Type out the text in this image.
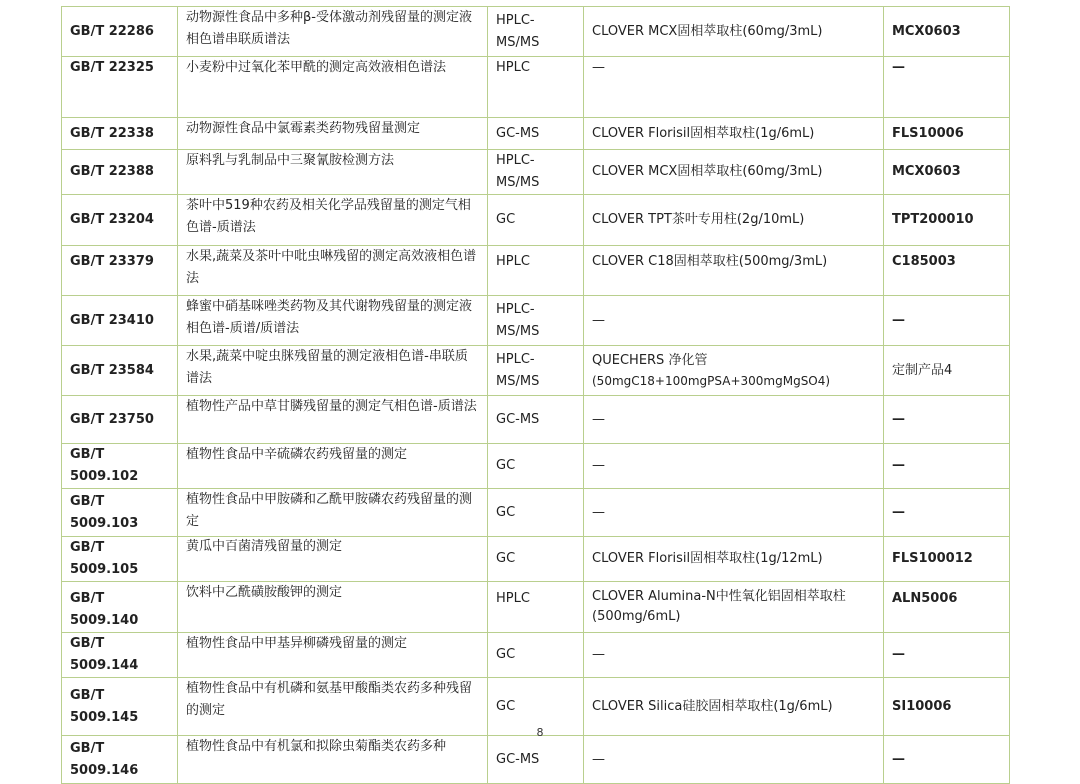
GB/T 22286	动物源性食品中多种β-受体激动剂残留量的测定液相色谱串联质谱法	HPLC-MS/MS	CLOVER MCX固相萃取柱(60mg/3mL)	MCX0603
GB/T 22325	小麦粉中过氧化苯甲酰的测定高效液相色谱法	HPLC	—	—
GB/T 22338	动物源性食品中氯霉素类药物残留量测定	GC-MS	CLOVER Florisil固相萃取柱(1g/6mL)	FLS10006
GB/T 22388	原料乳与乳制品中三聚氰胺检测方法	HPLC-MS/MS	CLOVER MCX固相萃取柱(60mg/3mL)	MCX0603
GB/T 23204	茶叶中519种农药及相关化学品残留量的测定气相色谱-质谱法	GC	CLOVER TPT茶叶专用柱(2g/10mL)	TPT200010
GB/T 23379	水果,蔬菜及茶叶中吡虫啉残留的测定高效液相色谱法	HPLC	CLOVER C18固相萃取柱(500mg/3mL)	C185003
GB/T 23410	蜂蜜中硝基咪唑类药物及其代谢物残留量的测定液相色谱-质谱/质谱法	HPLC-MS/MS	—	—
GB/T 23584	水果,蔬菜中啶虫脒残留量的测定液相色谱-串联质谱法	HPLC-MS/MS	QUECHERS 净化管
(50mgC18+100mgPSA+300mgMgSO4)	定制产品4
GB/T 23750	植物性产品中草甘膦残留量的测定气相色谱-质谱法	GC-MS	—	—
GB/T 5009.102	植物性食品中辛硫磷农药残留量的测定	GC	—	—
GB/T 5009.103	植物性食品中甲胺磷和乙酰甲胺磷农药残留量的测定	GC	—	—
GB/T 5009.105	黄瓜中百菌清残留量的测定	GC	CLOVER Florisil固相萃取柱(1g/12mL)	FLS100012
GB/T 5009.140	饮料中乙酰磺胺酸钾的测定	HPLC	CLOVER Alumina-N中性氧化铝固相萃取柱
(500mg/6mL)	ALN5006
GB/T 5009.144	植物性食品中甲基异柳磷残留量的测定	GC	—	—
GB/T 5009.145	植物性食品中有机磷和氨基甲酸酯类农药多种残留的测定	GC	CLOVER Silica硅胶固相萃取柱(1g/6mL)	SI10006
GB/T 5009.146	植物性食品中有机氯和拟除虫菊酯类农药多种	GC-MS	—	—
8
